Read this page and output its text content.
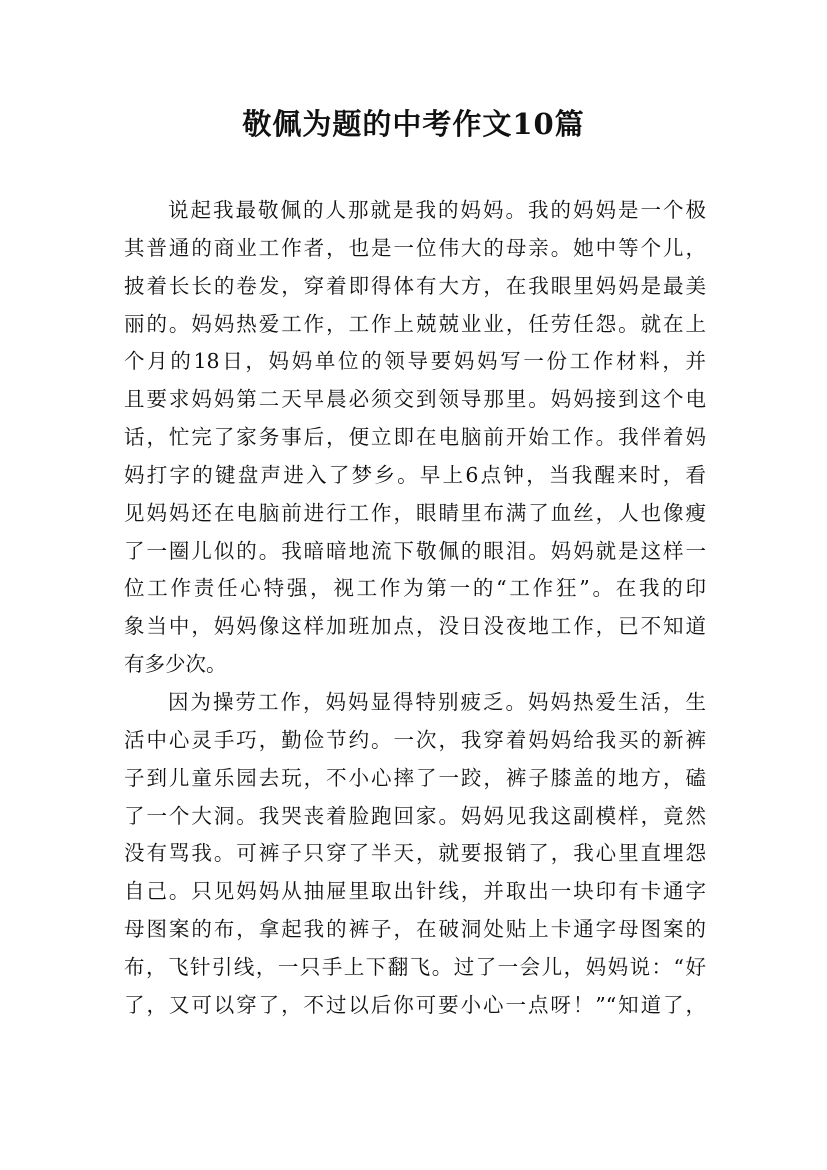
敬佩为题的中考作文10篇
说起我最敬佩的人那就是我的妈妈。我的妈妈是一个极
其普通的商业工作者，也是一位伟大的母亲。她中等个儿，
披着长长的卷发，穿着即得体有大方，在我眼里妈妈是最美
丽的。妈妈热爱工作，工作上兢兢业业，任劳任怨。就在上
个月的18日，妈妈单位的领导要妈妈写一份工作材料，并
且要求妈妈第二天早晨必须交到领导那里。妈妈接到这个电
话，忙完了家务事后，便立即在电脑前开始工作。我伴着妈
妈打字的键盘声进入了梦乡。早上6点钟，当我醒来时，看
见妈妈还在电脑前进行工作，眼睛里布满了血丝，人也像瘦
了一圈儿似的。我暗暗地流下敬佩的眼泪。妈妈就是这样一
位工作责任心特强，视工作为第一的“工作狂”。在我的印
象当中，妈妈像这样加班加点，没日没夜地工作，已不知道
有多少次。
因为操劳工作，妈妈显得特别疲乏。妈妈热爱生活，生
活中心灵手巧，勤俭节约。一次，我穿着妈妈给我买的新裤
子到儿童乐园去玩，不小心摔了一跤，裤子膝盖的地方，磕
了一个大洞。我哭丧着脸跑回家。妈妈见我这副模样，竟然
没有骂我。可裤子只穿了半天，就要报销了，我心里直埋怨
自己。只见妈妈从抽屉里取出针线，并取出一块印有卡通字
母图案的布，拿起我的裤子，在破洞处贴上卡通字母图案的
布，飞针引线，一只手上下翻飞。过了一会儿，妈妈说：“好
了，又可以穿了，不过以后你可要小心一点呀！”“知道了，
